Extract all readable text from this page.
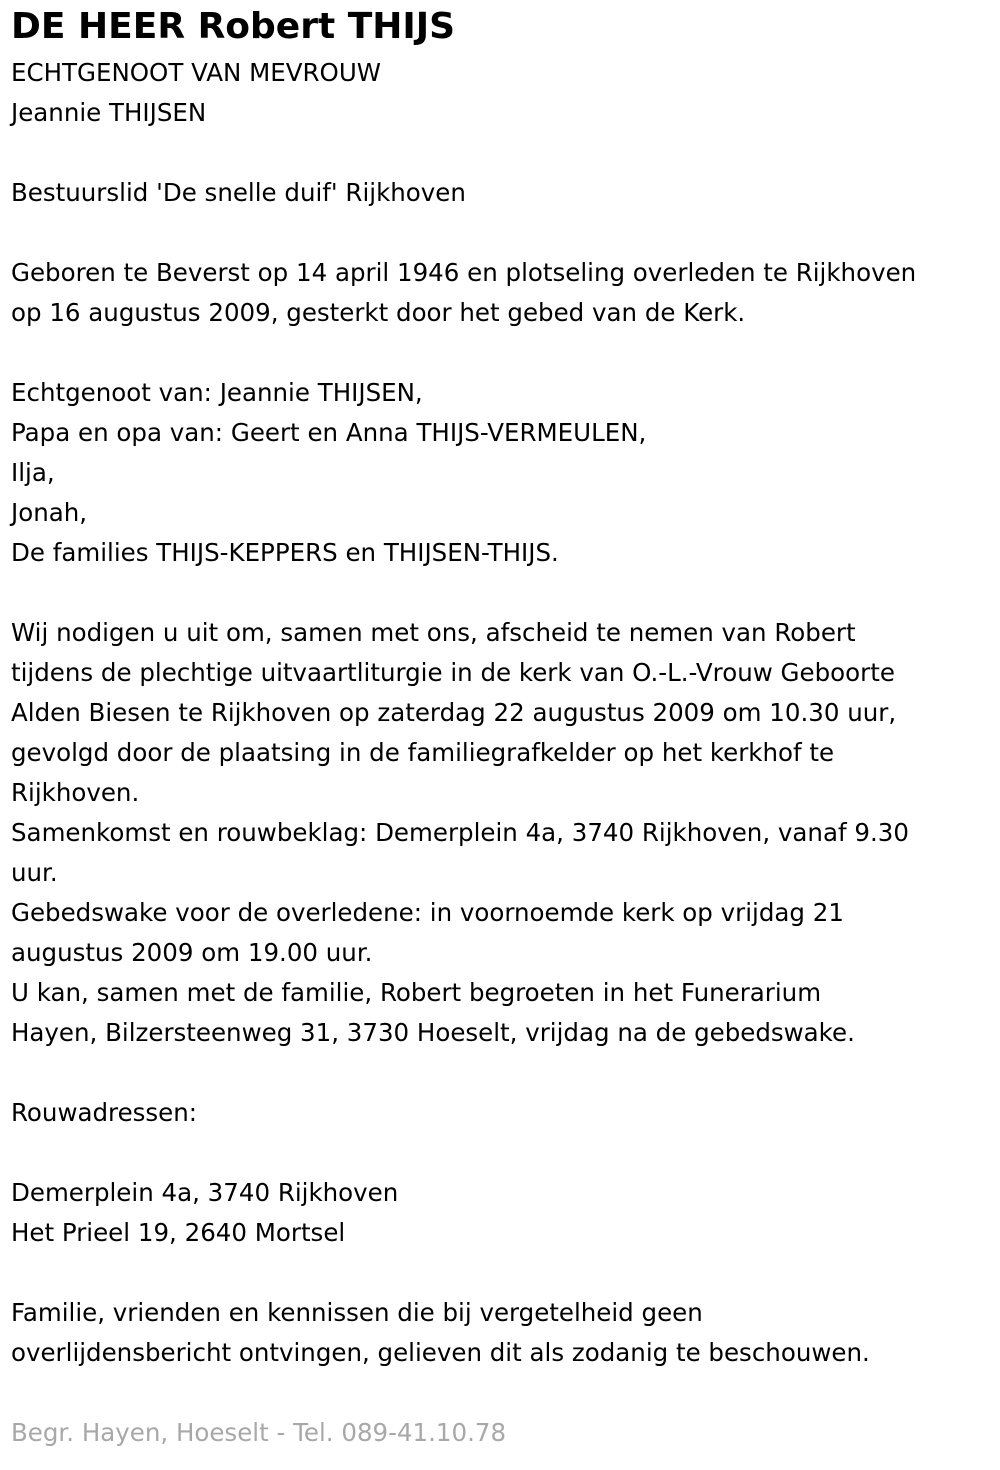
DE HEER Robert THIJS
ECHTGENOOT VAN MEVROUW
Jeannie THIJSEN
Bestuurslid 'De snelle duif' Rijkhoven
Geboren te Beverst op 14 april 1946 en plotseling overleden te Rijkhoven
op 16 augustus 2009, gesterkt door het gebed van de Kerk.
Echtgenoot van: Jeannie THIJSEN,
Papa en opa van: Geert en Anna THIJS-VERMEULEN,
Ilja,
Jonah,
De families THIJS-KEPPERS en THIJSEN-THIJS.
Wij nodigen u uit om, samen met ons, afscheid te nemen van Robert
tijdens de plechtige uitvaartliturgie in de kerk van O.-L.-Vrouw Geboorte
Alden Biesen te Rijkhoven op zaterdag 22 augustus 2009 om 10.30 uur,
gevolgd door de plaatsing in de familiegrafkelder op het kerkhof te
Rijkhoven.
Samenkomst en rouwbeklag: Demerplein 4a, 3740 Rijkhoven, vanaf 9.30
uur.
Gebedswake voor de overledene: in voornoemde kerk op vrijdag 21
augustus 2009 om 19.00 uur.
U kan, samen met de familie, Robert begroeten in het Funerarium
Hayen, Bilzersteenweg 31, 3730 Hoeselt, vrijdag na de gebedswake.
Rouwadressen:
Demerplein 4a, 3740 Rijkhoven
Het Prieel 19, 2640 Mortsel
Familie, vrienden en kennissen die bij vergetelheid geen
overlijdensbericht ontvingen, gelieven dit als zodanig te beschouwen.
Begr. Hayen, Hoeselt - Tel. 089-41.10.78
